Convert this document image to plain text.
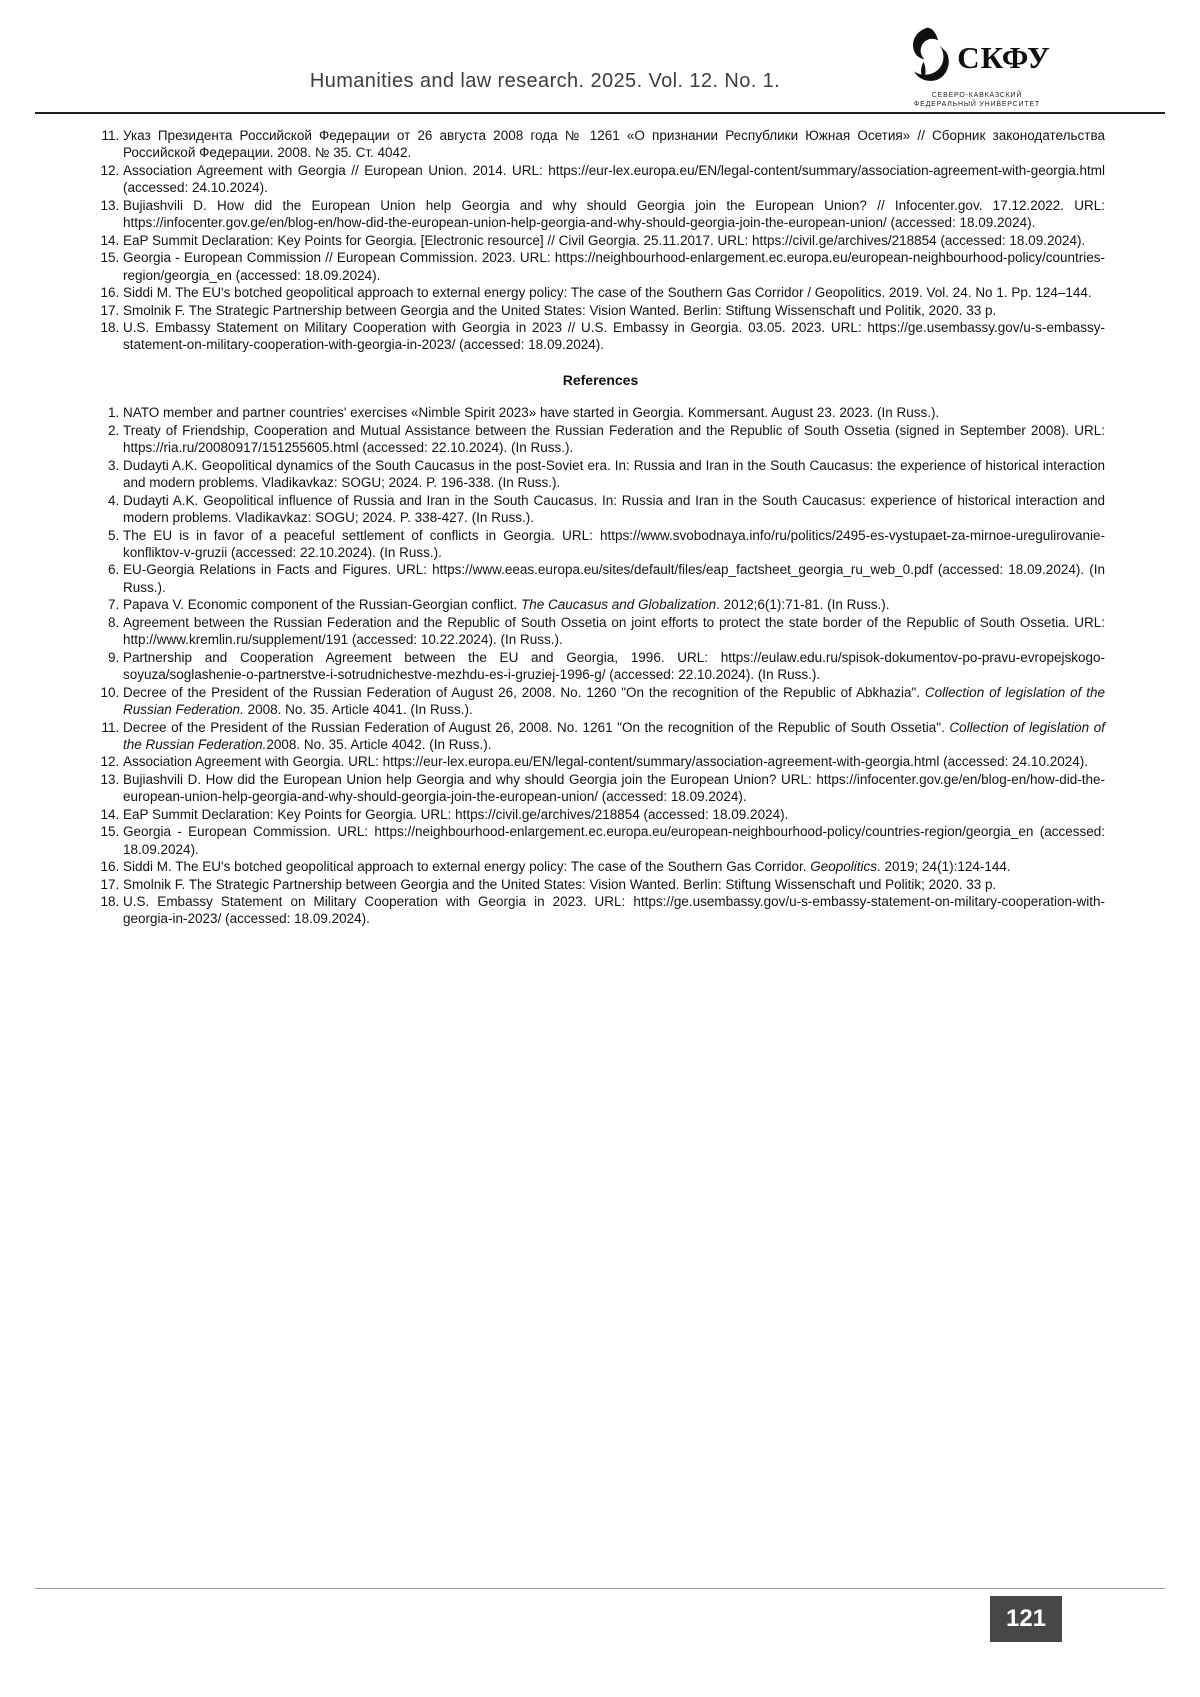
Humanities and law research. 2025. Vol. 12. No. 1.
СКФУ
СЕВЕРО-КАВКАЗСКИЙ
ФЕДЕРАЛЬНЫЙ УНИВЕРСИТЕТ
11. Указ Президента Российской Федерации от 26 августа 2008 года № 1261 «О признании Республики Южная Осетия» // Сборник законодательства Российской Федерации. 2008. № 35. Ст. 4042.
12. Association Agreement with Georgia // European Union. 2014. URL: https://eur-lex.europa.eu/EN/legal-content/summary/association-agreement-with-georgia.html (accessed: 24.10.2024).
13. Bujiashvili D. How did the European Union help Georgia and why should Georgia join the European Union? // Infocenter.gov. 17.12.2022. URL: https://infocenter.gov.ge/en/blog-en/how-did-the-european-union-help-georgia-and-why-should-georgia-join-the-european-union/ (accessed: 18.09.2024).
14. EaP Summit Declaration: Key Points for Georgia. [Electronic resource] // Civil Georgia. 25.11.2017. URL: https://civil.ge/archives/218854 (accessed: 18.09.2024).
15. Georgia - European Commission // European Commission. 2023. URL: https://neighbourhood-enlargement.ec.europa.eu/european-neighbourhood-policy/countries-region/georgia_en (accessed: 18.09.2024).
16. Siddi M. The EU's botched geopolitical approach to external energy policy: The case of the Southern Gas Corridor / Geopolitics. 2019. Vol. 24. No 1. Pp. 124–144.
17. Smolnik F. The Strategic Partnership between Georgia and the United States: Vision Wanted. Berlin: Stiftung Wissenschaft und Politik, 2020. 33 p.
18. U.S. Embassy Statement on Military Cooperation with Georgia in 2023 // U.S. Embassy in Georgia. 03.05. 2023. URL: https://ge.usembassy.gov/u-s-embassy-statement-on-military-cooperation-with-georgia-in-2023/ (accessed: 18.09.2024).
References
1. NATO member and partner countries' exercises «Nimble Spirit 2023» have started in Georgia. Kommersant. August 23. 2023. (In Russ.).
2. Treaty of Friendship, Cooperation and Mutual Assistance between the Russian Federation and the Republic of South Ossetia (signed in September 2008). URL: https://ria.ru/20080917/151255605.html (accessed: 22.10.2024). (In Russ.).
3. Dudayti A.K. Geopolitical dynamics of the South Caucasus in the post-Soviet era. In: Russia and Iran in the South Caucasus: the experience of historical interaction and modern problems. Vladikavkaz: SOGU; 2024. P. 196-338. (In Russ.).
4. Dudayti A.K. Geopolitical influence of Russia and Iran in the South Caucasus. In: Russia and Iran in the South Caucasus: experience of historical interaction and modern problems. Vladikavkaz: SOGU; 2024. P. 338-427. (In Russ.).
5. The EU is in favor of a peaceful settlement of conflicts in Georgia. URL: https://www.svobodnaya.info/ru/politics/2495-es-vystupaet-za-mirnoe-uregulirovanie-konfliktov-v-gruzii (accessed: 22.10.2024). (In Russ.).
6. EU-Georgia Relations in Facts and Figures. URL: https://www.eeas.europa.eu/sites/default/files/eap_factsheet_georgia_ru_web_0.pdf (accessed: 18.09.2024). (In Russ.).
7. Papava V. Economic component of the Russian-Georgian conflict. The Caucasus and Globalization. 2012;6(1):71-81. (In Russ.).
8. Agreement between the Russian Federation and the Republic of South Ossetia on joint efforts to protect the state border of the Republic of South Ossetia. URL: http://www.kremlin.ru/supplement/191 (accessed: 10.22.2024). (In Russ.).
9. Partnership and Cooperation Agreement between the EU and Georgia, 1996. URL: https://eulaw.edu.ru/spisok-dokumentov-po-pravu-evropejskogo-soyuza/soglashenie-o-partnerstve-i-sotrudnichestve-mezhdu-es-i-gruziej-1996-g/ (accessed: 22.10.2024). (In Russ.).
10. Decree of the President of the Russian Federation of August 26, 2008. No. 1260 "On the recognition of the Republic of Abkhazia". Collection of legislation of the Russian Federation. 2008. No. 35. Article 4041. (In Russ.).
11. Decree of the President of the Russian Federation of August 26, 2008. No. 1261 "On the recognition of the Republic of South Ossetia". Collection of legislation of the Russian Federation.2008. No. 35. Article 4042. (In Russ.).
12. Association Agreement with Georgia. URL: https://eur-lex.europa.eu/EN/legal-content/summary/association-agreement-with-georgia.html (accessed: 24.10.2024).
13. Bujiashvili D. How did the European Union help Georgia and why should Georgia join the European Union? URL: https://infocenter.gov.ge/en/blog-en/how-did-the-european-union-help-georgia-and-why-should-georgia-join-the-european-union/ (accessed: 18.09.2024).
14. EaP Summit Declaration: Key Points for Georgia. URL: https://civil.ge/archives/218854 (accessed: 18.09.2024).
15. Georgia - European Commission. URL: https://neighbourhood-enlargement.ec.europa.eu/european-neighbourhood-policy/countries-region/georgia_en (accessed: 18.09.2024).
16. Siddi M. The EU's botched geopolitical approach to external energy policy: The case of the Southern Gas Corridor. Geopolitics. 2019; 24(1):124-144.
17. Smolnik F. The Strategic Partnership between Georgia and the United States: Vision Wanted. Berlin: Stiftung Wissenschaft und Politik; 2020. 33 p.
18. U.S. Embassy Statement on Military Cooperation with Georgia in 2023. URL: https://ge.usembassy.gov/u-s-embassy-statement-on-military-cooperation-with-georgia-in-2023/ (accessed: 18.09.2024).
121
